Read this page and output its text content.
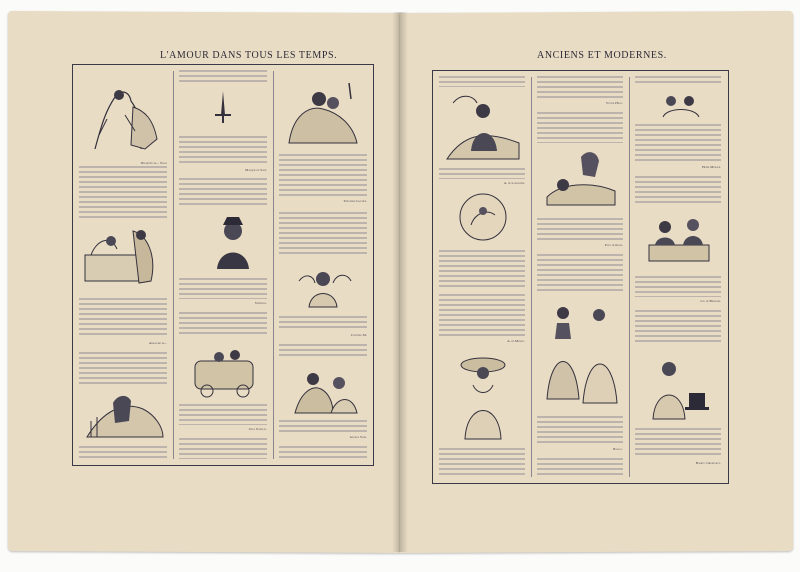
L'AMOUR DANS TOUS LES TEMPS.	ANCIENS ET MODERNES.
Delmonte de... Stahl
Abrahami de...
Marquis de Sade.
Stendhal.
Jules Sandeau.
Théophile Gautier.
Chapitre XI.
George Sand.
A. de Lamartine.
A. de Musset.
Victor Hugo.
Paul de Kock.
Balzac.
Henri Murger.
Ch. de Bernard.
Barbey d'Aurevilly.
